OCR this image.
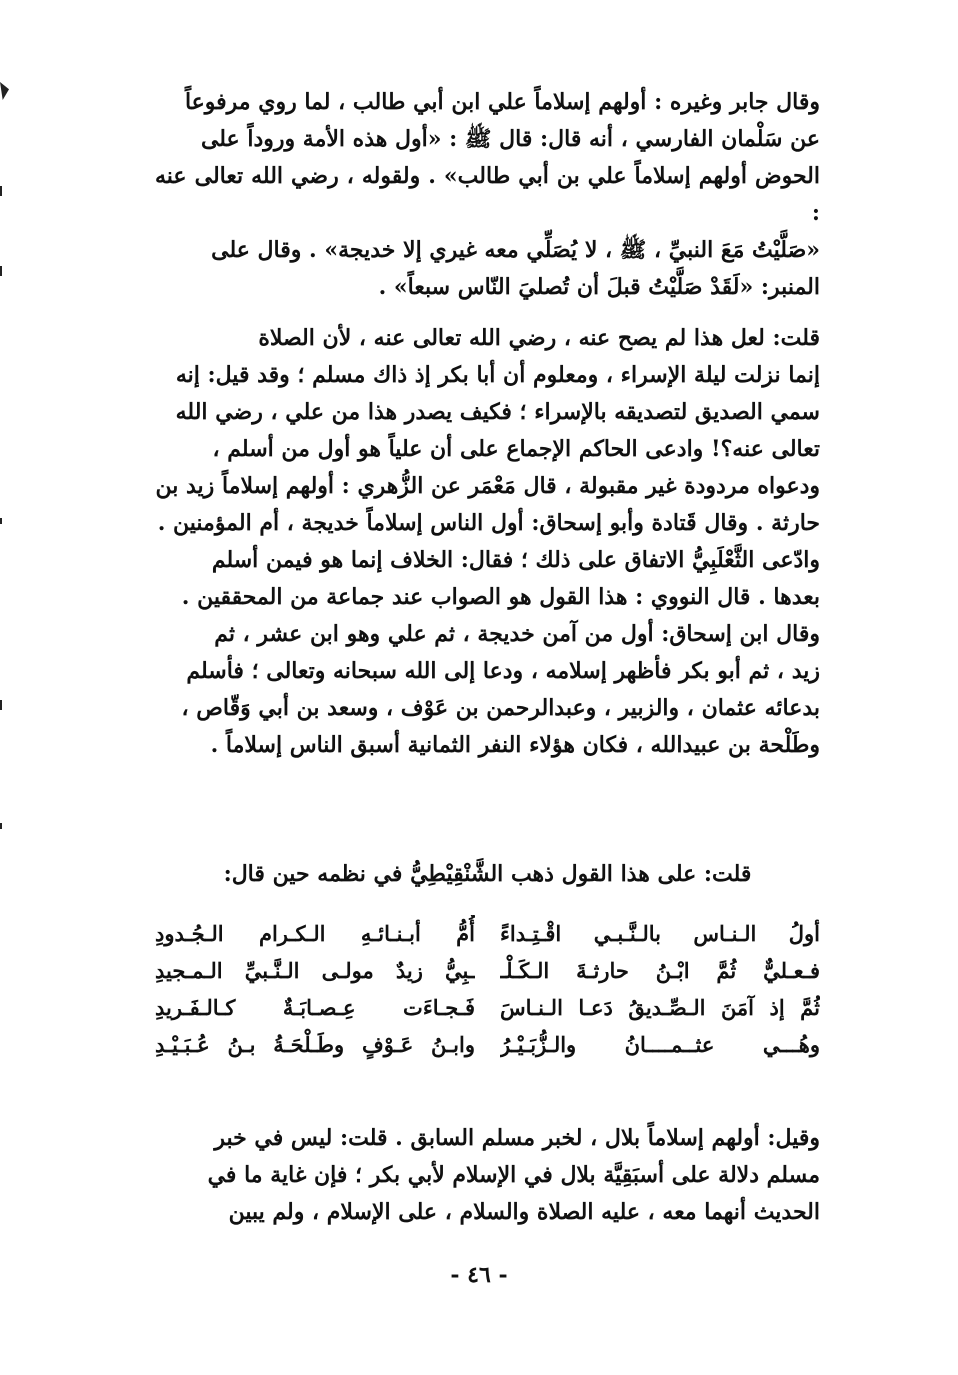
وقال جابر وغيره : أولهم إسلاماً علي ابن أبي طالب ، لما روي مرفوعاً

عن سَلْمان الفارسي ، أنه قال: قال ﷺ : «أول هذه الأمة وروداً على

الحوض أولهم إسلاماً علي بن أبي طالب» . ولقوله ، رضي الله تعالى عنه :

«صَلَّيْتُ مَعَ النبيِّ ، ﷺ ، لا يُصَلِّي معه غيري إلا خديجة» . وقال على

المنبر: «لَقَدْ صَلَّيْتُ قبلَ أن تُصليَ النّاس سبعاً» .

قلت: لعل هذا لم يصح عنه ، رضي الله تعالى عنه ، لأن الصلاة

إنما نزلت ليلة الإسراء ، ومعلوم أن أبا بكر إذ ذاك مسلم ؛ وقد قيل: إنه

سمي الصديق لتصديقه بالإسراء ؛ فكيف يصدر هذا من علي ، رضي الله

تعالى عنه؟! وادعى الحاكم الإجماع على أن علياً هو أول من أسلم ،

ودعواه مردودة غير مقبولة ، قال مَعْمَر عن الزُّهري : أولهم إسلاماً زيد بن

حارثة . وقال قَتادة وأبو إسحاق: أول الناس إسلاماً خديجة ، أم المؤمنين .

وادّعى الثَّعْلَبِيُّ الاتفاق على ذلك ؛ فقال: الخلاف إنما هو فيمن أسلم

بعدها . قال النووي : هذا القول هو الصواب عند جماعة من المحققين .

وقال ابن إسحاق: أول من آمن خديجة ، ثم علي وهو ابن عشر ، ثم

زيد ، ثم أبو بكر فأظهر إسلامه ، ودعا إلى الله سبحانه وتعالى ؛ فأسلم

بدعائه عثمان ، والزبير ، وعبدالرحمن بن عَوْف ، وسعد بن أبي وَقّاص ،

وطَلْحة بن عبيدالله ، فكان هؤلاء النفر الثمانية أسبق الناس إسلاماً .

قلت: على هذا القول ذهب الشَّنْقِيْطِيُّ في نظمه حين قال:
أولُ الـنـاس بالـنَّـبـي اقْـتِـداءً
أُمُّ أبـنـائـهِ الـكـرام الـجُـدودِ
فـعـليٌّ ثُمَّ ابْـنُ حارثـةَ الـكَـلْـ
ـبِيُّ زيدٌ مولـى الـنَّـبيِّ الـمـجيدِ
ثُمَّ إذ آمَنَ الـصِّـديقُ دَعـا الـنـاسَ
فَـجـاءَت عِـصـابَـةٌ كـالـفَـريدِ
وهُـــي عثــمــــانُ والـزُّبَـيْـرُ
وابـنُ عَـوْفٍ وطَـلْحَـةُ بـنُ عُـبَـيْـدِ

وقيل: أولهم إسلاماً بلال ، لخبر مسلم السابق . قلت: ليس في خبر

مسلم دلالة على أسبَقِيَّة بلال في الإسلام لأبي بكر ؛ فإن غاية ما في

الحديث أنهما معه ، عليه الصلاة والسلام ، على الإسلام ، ولم يبين

- ٤٦ -
